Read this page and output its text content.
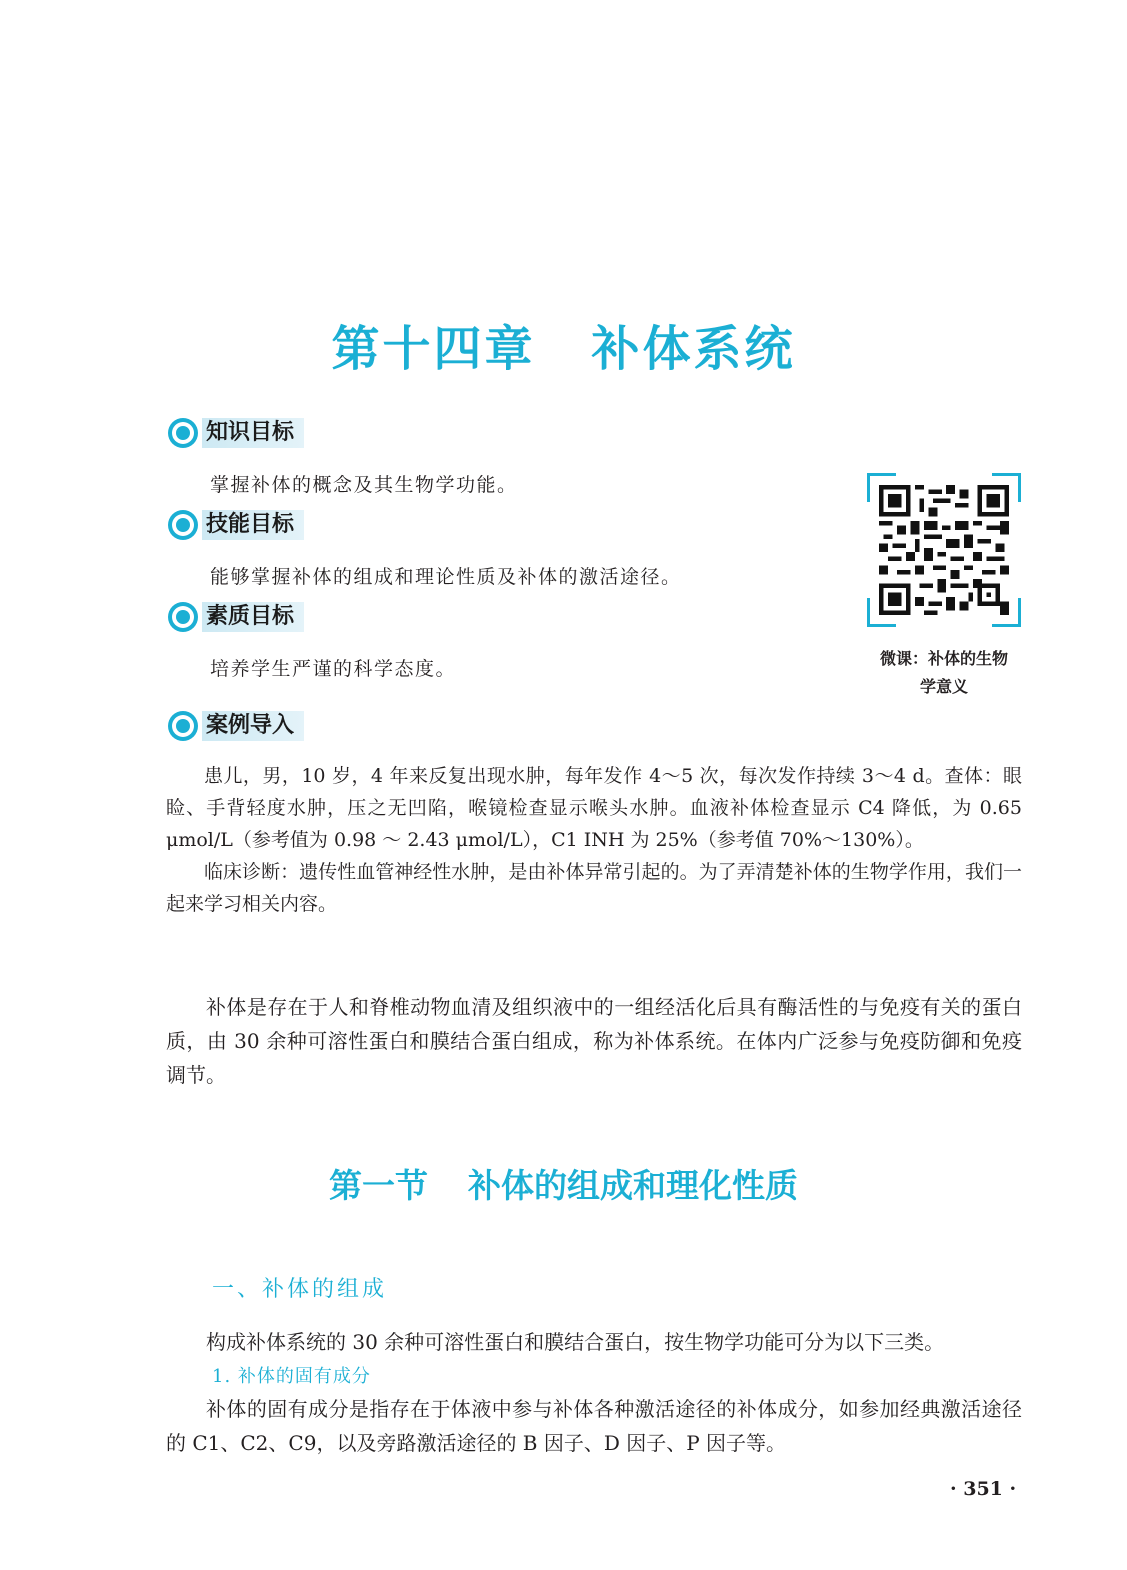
第十四章 补体系统
知识目标
掌握补体的概念及其生物学功能。
技能目标
能够掌握补体的组成和理论性质及补体的激活途径。
素质目标
培养学生严谨的科学态度。	微课：补体的生物
学意义
案例导入

患儿，男，10 岁，4 年来反复出现水肿，每年发作 4～5 次，每次发作持续 3～4 d。查体：眼睑、手背轻度水肿，压之无凹陷，喉镜检查显示喉头水肿。血液补体检查显示 C4 降低，为 0.65 μmol/L（参考值为 0.98 ～ 2.43 μmol/L），C1 INH 为 25%（参考值 70%～130%）。

临床诊断：遗传性血管神经性水肿，是由补体异常引起的。为了弄清楚补体的生物学作用，我们一起来学习相关内容。

补体是存在于人和脊椎动物血清及组织液中的一组经活化后具有酶活性的与免疫有关的蛋白质，由 30 余种可溶性蛋白和膜结合蛋白组成，称为补体系统。在体内广泛参与免疫防御和免疫调节。

第一节 补体的组成和理化性质
一、补体的组成

构成补体系统的 30 余种可溶性蛋白和膜结合蛋白，按生物学功能可分为以下三类。

1. 补体的固有成分

补体的固有成分是指存在于体液中参与补体各种激活途径的补体成分，如参加经典激活途径的 C1、C2、C9，以及旁路激活途径的 B 因子、D 因子、P 因子等。

· 351 ·
